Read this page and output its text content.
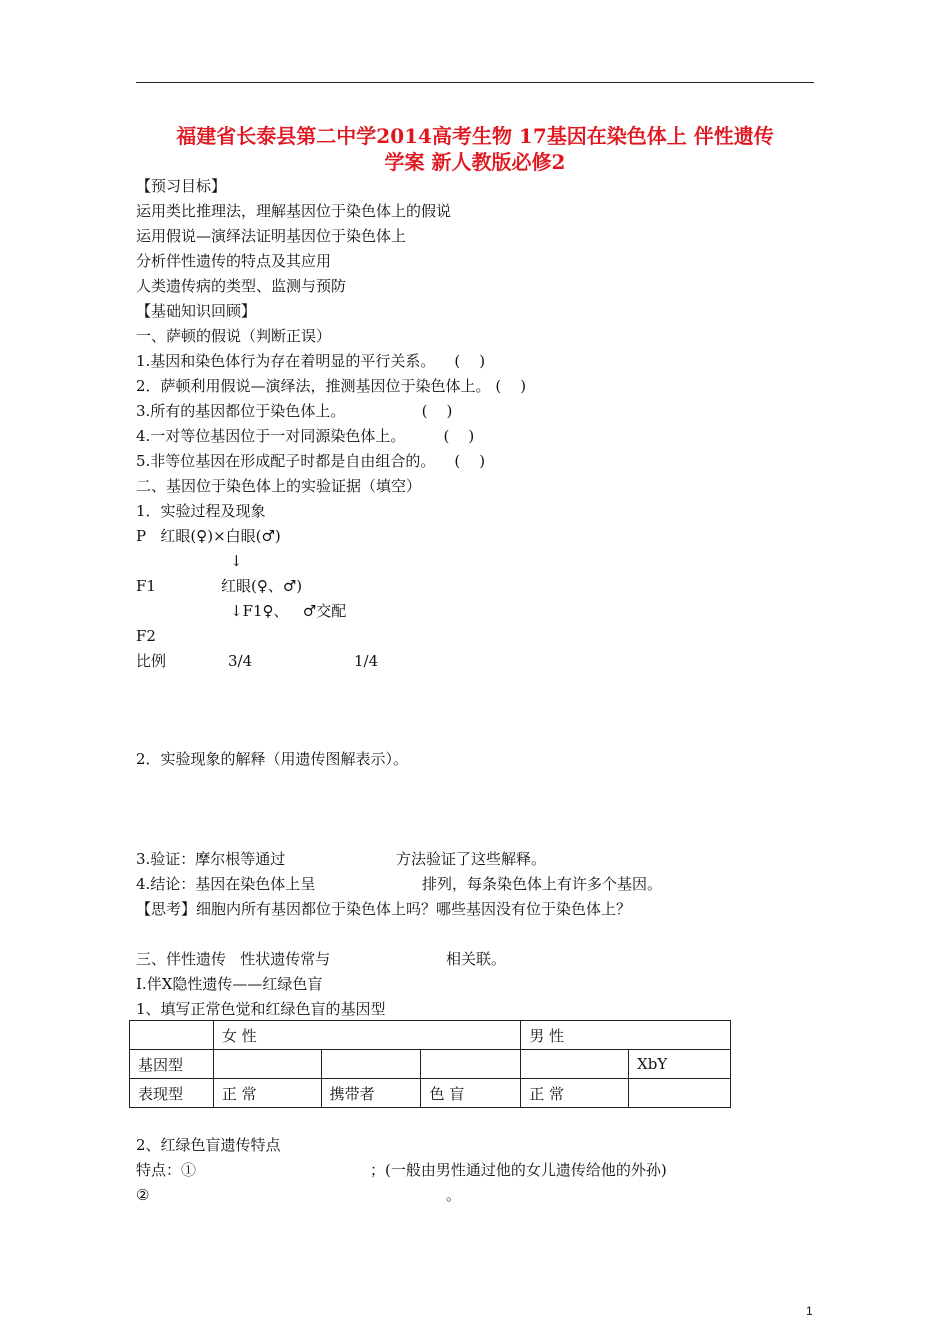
福建省长泰县第二中学2014高考生物 17基因在染色体上 伴性遗传
学案 新人教版必修2
【预习目标】
运用类比推理法，理解基因位于染色体上的假说
运用假说—演绎法证明基因位于染色体上
分析伴性遗传的特点及其应用
人类遗传病的类型、监测与预防
【基础知识回顾】
一、萨顿的假说（判断正误）
1.基因和染色体行为存在着明显的平行关系。    (    )
2．萨顿利用假说—演绎法，推测基因位于染色体上。 (    )
3.所有的基因都位于染色体上。                (    )
4.一对等位基因位于一对同源染色体上。        (    )
5.非等位基因在形成配子时都是自由组合的。    (    )
二、基因位于染色体上的实验证据（填空）
1．实验过程及现象
P   红眼(♀)×白眼(♂)
↓
F1	红眼(♀、♂)
↓F1♀、   ♂交配
F2
比例	3/4	1/4
2．实验现象的解释（用遗传图解表示）。
3.验证：摩尔根等通过	方法验证了这些解释。
4.结论：基因在染色体上呈	排列，每条染色体上有许多个基因。
【思考】细胞内所有基因都位于染色体上吗？哪些基因没有位于染色体上？
三、伴性遗传   性状遗传常与	相关联。
Ⅰ.伴Ⅹ隐性遗传——红绿色盲
1、填写正常色觉和红绿色盲的基因型
	女 性			男 性	
基因型					XbY
表现型	正 常	携带者	色 盲	正 常	
2、红绿色盲遗传特点
特点：①	；(一般由男性通过他的女儿遗传给他的外孙)
②	。
1
